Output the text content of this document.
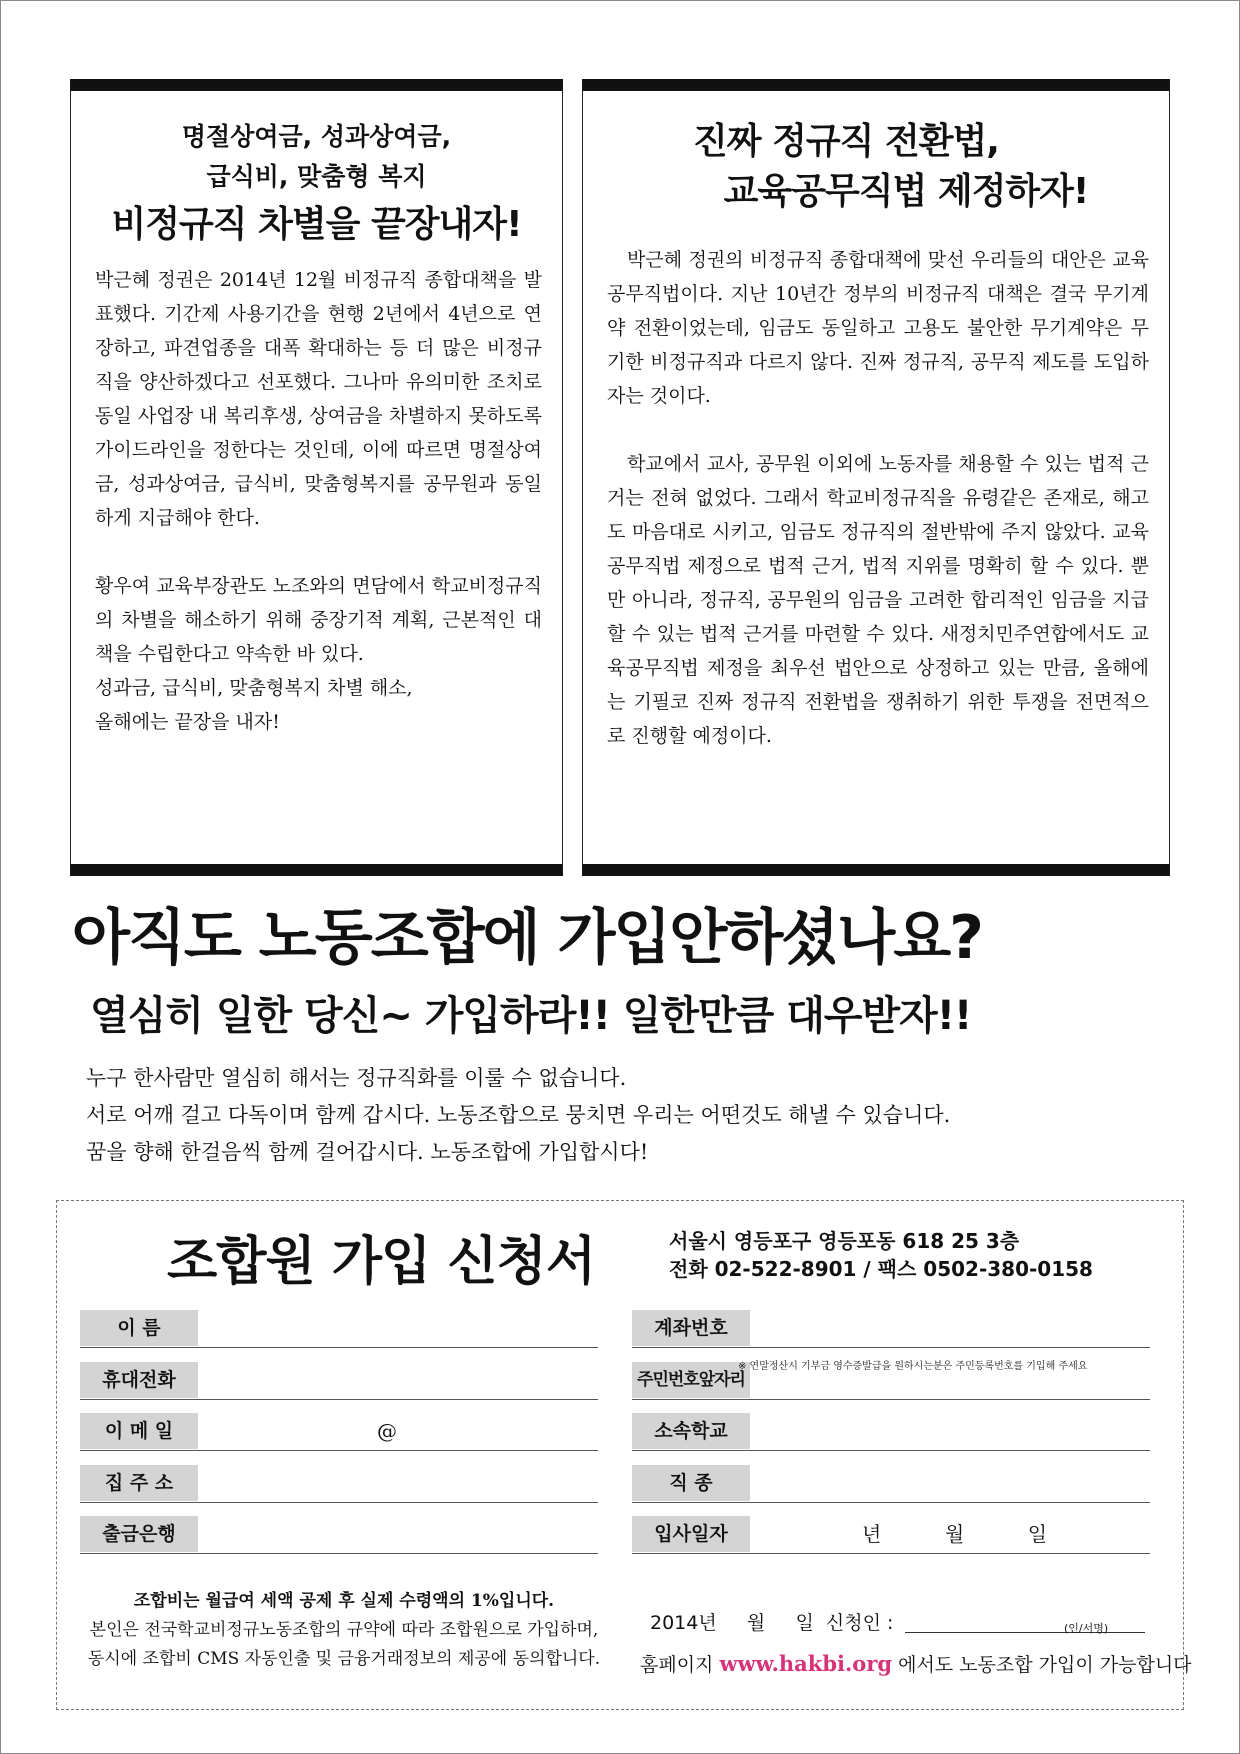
명절상여금, 성과상여금,
급식비, 맞춤형 복지
비정규직 차별을 끝장내자!

박근혜 정권은 2014년 12월 비정규직 종합대책을 발표했다. 기간제 사용기간을 현행 2년에서 4년으로 연장하고, 파견업종을 대폭 확대하는 등 더 많은 비정규직을 양산하겠다고 선포했다. 그나마 유의미한 조치로 동일 사업장 내 복리후생, 상여금을 차별하지 못하도록 가이드라인을 정한다는 것인데, 이에 따르면 명절상여금, 성과상여금, 급식비, 맞춤형복지를 공무원과 동일하게 지급해야 한다.

황우여 교육부장관도 노조와의 면담에서 학교비정규직의 차별을 해소하기 위해 중장기적 계획, 근본적인 대책을 수립한다고 약속한 바 있다.

성과금, 급식비, 맞춤형복지 차별 해소,

올해에는 끝장을 내자!

진짜 정규직 전환법,
교육공무직법 제정하자!

박근혜 정권의 비정규직 종합대책에 맞선 우리들의 대안은 교육공무직법이다. 지난 10년간 정부의 비정규직 대책은 결국 무기계약 전환이었는데, 임금도 동일하고 고용도 불안한 무기계약은 무기한 비정규직과 다르지 않다. 진짜 정규직, 공무직 제도를 도입하자는 것이다.

학교에서 교사, 공무원 이외에 노동자를 채용할 수 있는 법적 근거는 전혀 없었다. 그래서 학교비정규직을 유령같은 존재로, 해고도 마음대로 시키고, 임금도 정규직의 절반밖에 주지 않았다. 교육공무직법 제정으로 법적 근거, 법적 지위를 명확히 할 수 있다. 뿐만 아니라, 정규직, 공무원의 임금을 고려한 합리적인 임금을 지급할 수 있는 법적 근거를 마련할 수 있다. 새정치민주연합에서도 교육공무직법 제정을 최우선 법안으로 상정하고 있는 만큼, 올해에는 기필코 진짜 정규직 전환법을 쟁취하기 위한 투쟁을 전면적으로 진행할 예정이다.

아직도 노동조합에 가입안하셨나요?
열심히 일한 당신~ 가입하라!! 일한만큼 대우받자!!
누구 한사람만 열심히 해서는 정규직화를 이룰 수 없습니다.
서로 어깨 걸고 다독이며 함께 갑시다. 노동조합으로 뭉치면 우리는 어떤것도 해낼 수 있습니다.
꿈을 향해 한걸음씩 함께 걸어갑시다. 노동조합에 가입합시다!
조합원 가입 신청서	서울시 영등포구 영등포동 618 25 3층
전화 02-522-8901 / 팩스 0502-380-0158
이 름
휴대전화
이 메 일	@
집 주 소
출금은행
계좌번호
주민번호앞자리
소속학교
직 종
입사일자	년          월          일
※ 연말정산시 기부금 영수증발급을 원하시는분은 주민등록번호를 기입해 주세요
조합비는 월급여 세액 공제 후 실제 수령액의 1%입니다.
본인은 전국학교비정규노동조합의 규약에 따라 조합원으로 가입하며,
동시에 조합비 CMS 자동인출 및 금융거래정보의 제공에 동의합니다.
2014년     월     일  신청인 :	(인/서명)
홈페이지 www.hakbi.org 에서도 노동조합 가입이 가능합니다
